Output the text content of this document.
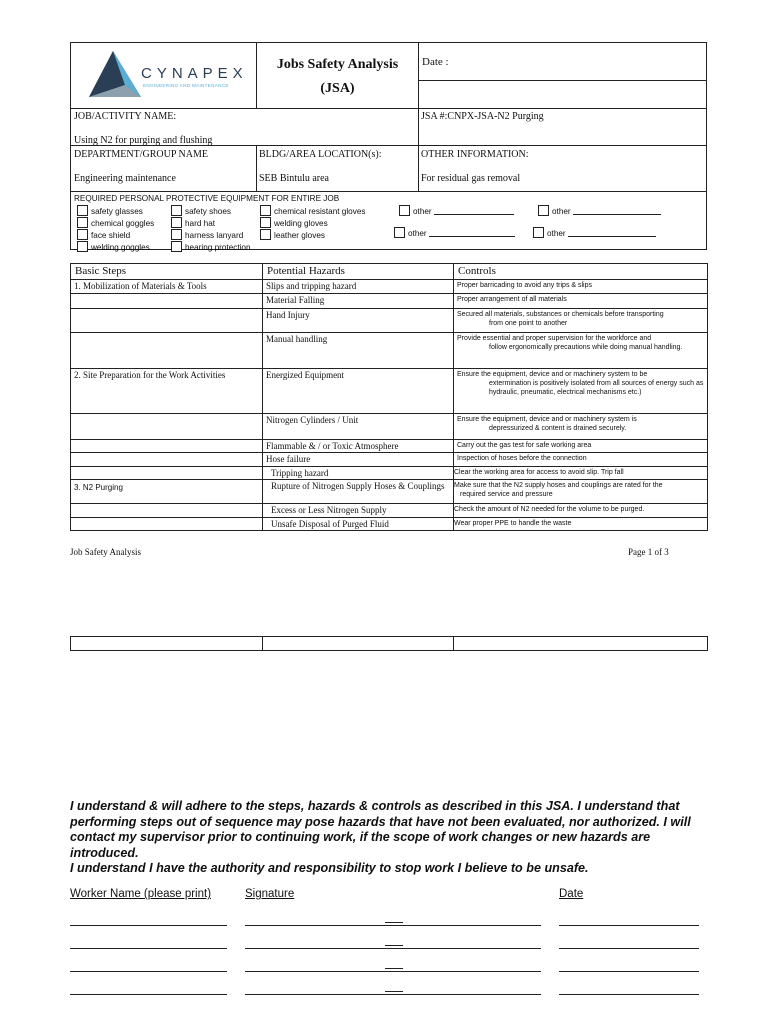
CYNAPEX
ENGINEERING AND MAINTENANCE
Jobs Safety Analysis
(JSA)
Date :
JOB/ACTIVITY NAME:
Using N2 for purging and flushing
JSA #:CNPX-JSA-N2 Purging
DEPARTMENT/GROUP NAME
Engineering maintenance
BLDG/AREA LOCATION(s):
SEB Bintulu area
OTHER INFORMATION:
For residual gas removal
REQUIRED PERSONAL PROTECTIVE EQUIPMENT FOR ENTIRE JOB
safety glasses
chemical goggles
face shield
welding goggles
safety shoes
hard hat
harness lanyard
hearing protection
chemical resistant gloves
welding gloves
leather gloves
other	other
other	other
Basic Steps	Potential Hazards	Controls
1. Mobilization of Materials & Tools	Slips and tripping hazard	Proper barricading to avoid any trips & slips
	Material Falling	Proper arrangement of all materials
	Hand Injury	Secured all materials, substances or chemicals before transporting
from one point to another

	Manual handling	Provide essential and proper supervision for the workforce and
follow ergonomically precautions while doing manual handling.

2. Site Preparation for the Work Activities	Energized Equipment	Ensure the equipment, device and or machinery system to be
extermination is positively isolated from all sources of energy such as hydraulic, pneumatic, electrical mechanisms etc.)

	Nitrogen Cylinders / Unit	Ensure the equipment, device and or machinery system is
depressurized & content is drained securely.

	Flammable & / or Toxic Atmosphere	Carry out the gas test for safe working area
	Hose failure	Inspection of hoses before the connection
	Tripping hazard	Clear the working area for access to avoid slip. Trip fall
3. N2 Purging	Rupture of Nitrogen Supply Hoses & Couplings	Make sure that the N2 supply hoses and couplings are rated for the
required service and pressure

	Excess or Less Nitrogen Supply	Check the amount of N2 needed for the volume to be purged.
	Unsafe Disposal of Purged Fluid	Wear proper PPE to handle the waste
Job Safety Analysis	Page 1 of 3

I understand & will adhere to the steps, hazards & controls as described in this JSA. I understand that performing steps out of sequence may pose hazards that have not been evaluated, nor authorized. I will contact my supervisor prior to continuing work, if the scope of work changes or new hazards are introduced.
I understand I have the authority and responsibility to stop work I believe to be unsafe.
Worker Name (please print)	Signature	Date
